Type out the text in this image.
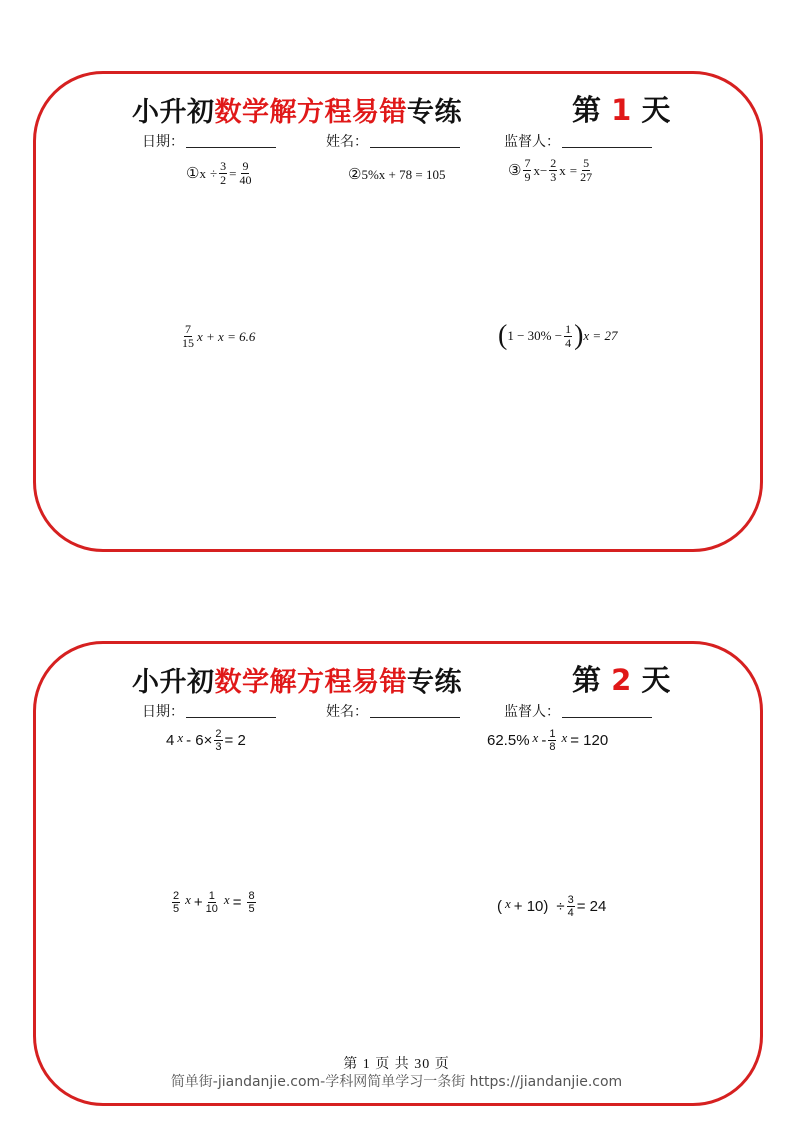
小升初数学解方程易错专练	第 1 天
日期：	姓名：	监督人：
① $x \div \frac{3}{2} = \frac{9}{40}$	② 5%x + 78 = 105	③ $\frac{7}{9}$ $x - \frac{2}{3}$ $x = \frac{5}{27}$
$\frac{7}{15}$ x + x = 6.6	( $1 - 30\% - \frac{1}{4}$ ) x = 27
小升初数学解方程易错专练	第 2 天
日期：	姓名：	监督人：
4 $x - 6\times \frac{2}{3} = 2$	62.5% x - $\frac{1}{8}$ x = 120
$\frac{2}{5}$ $x + \frac{1}{10}$ $x = \frac{8}{5}$	( $x + 10) \div \frac{3}{4} = 24$
第 1 页 共 30 页
简单街-jiandanjie.com-学科网简单学习一条街 https://jiandanjie.com
